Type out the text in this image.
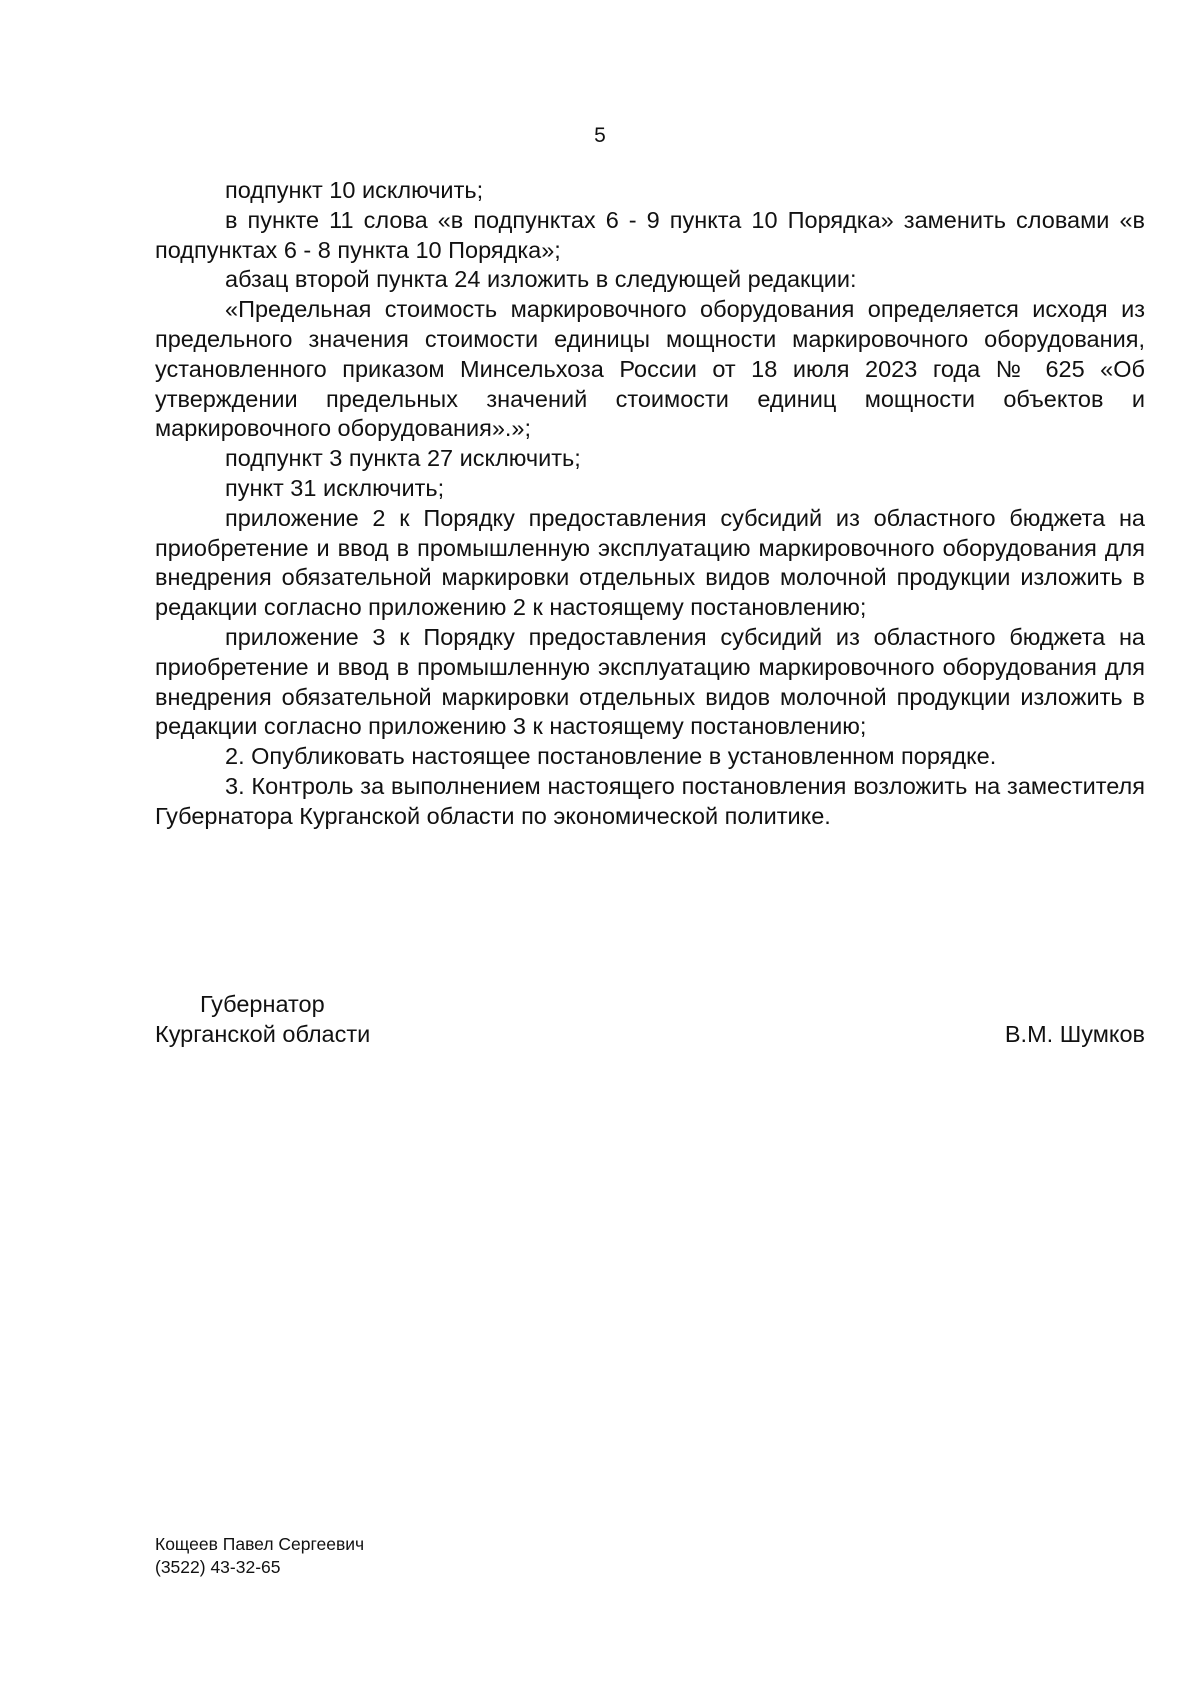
5

подпункт 10 исключить;

в пункте 11 слова «в подпунктах 6 - 9 пункта 10 Порядка» заменить словами «в подпунктах 6 - 8 пункта 10 Порядка»;

абзац второй пункта 24 изложить в следующей редакции:

«Предельная стоимость маркировочного оборудования определяется исходя из предельного значения стоимости единицы мощности маркировочного оборудования, установленного приказом Минсельхоза России от 18 июля 2023 года № 625 «Об утверждении предельных значений стоимости единиц мощности объектов и маркировочного оборудования».»;

подпункт 3 пункта 27 исключить;

пункт 31 исключить;

приложение 2 к Порядку предоставления субсидий из областного бюджета на приобретение и ввод в промышленную эксплуатацию маркировочного оборудования для внедрения обязательной маркировки отдельных видов молочной продукции изложить в редакции согласно приложению 2 к настоящему постановлению;

приложение 3 к Порядку предоставления субсидий из областного бюджета на приобретение и ввод в промышленную эксплуатацию маркировочного оборудования для внедрения обязательной маркировки отдельных видов молочной продукции изложить в редакции согласно приложению 3 к настоящему постановлению;

2. Опубликовать настоящее постановление в установленном порядке.

3. Контроль за выполнением настоящего постановления возложить на заместителя Губернатора Курганской области по экономической политике.

Губернатор
Курганской области	В.М. Шумков
Кощеев Павел Сергеевич
(3522) 43-32-65
